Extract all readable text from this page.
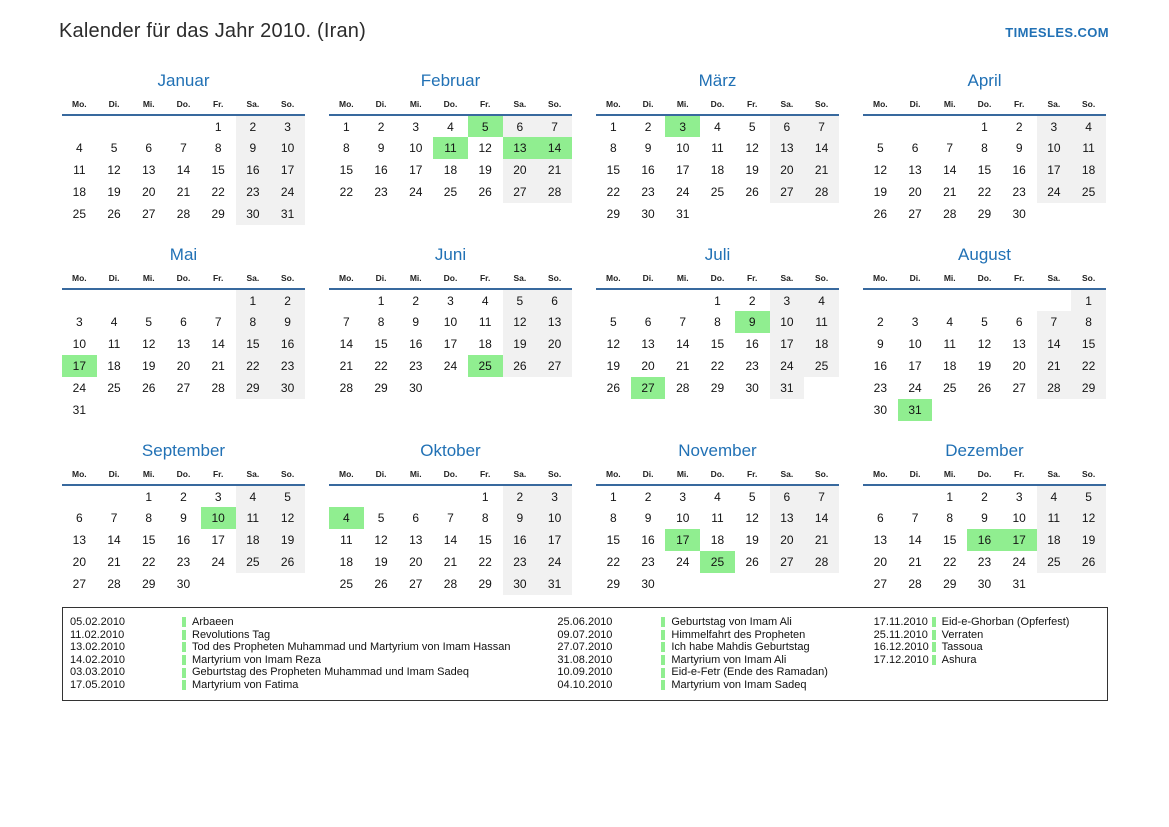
Kalender für das Jahr 2010. (Iran)	TIMESLES.COM
Januar
Mo.	Di.	Mi.	Do.	Fr.	Sa.	So.
				1	2	3
4	5	6	7	8	9	10
11	12	13	14	15	16	17
18	19	20	21	22	23	24
25	26	27	28	29	30	31
Februar
Mo.	Di.	Mi.	Do.	Fr.	Sa.	So.
1	2	3	4	5	6	7
8	9	10	11	12	13	14
15	16	17	18	19	20	21
22	23	24	25	26	27	28
März
Mo.	Di.	Mi.	Do.	Fr.	Sa.	So.
1	2	3	4	5	6	7
8	9	10	11	12	13	14
15	16	17	18	19	20	21
22	23	24	25	26	27	28
29	30	31				
April
Mo.	Di.	Mi.	Do.	Fr.	Sa.	So.
			1	2	3	4
5	6	7	8	9	10	11
12	13	14	15	16	17	18
19	20	21	22	23	24	25
26	27	28	29	30		
Mai
Mo.	Di.	Mi.	Do.	Fr.	Sa.	So.
					1	2
3	4	5	6	7	8	9
10	11	12	13	14	15	16
17	18	19	20	21	22	23
24	25	26	27	28	29	30
31						
Juni
Mo.	Di.	Mi.	Do.	Fr.	Sa.	So.
	1	2	3	4	5	6
7	8	9	10	11	12	13
14	15	16	17	18	19	20
21	22	23	24	25	26	27
28	29	30				
Juli
Mo.	Di.	Mi.	Do.	Fr.	Sa.	So.
			1	2	3	4
5	6	7	8	9	10	11
12	13	14	15	16	17	18
19	20	21	22	23	24	25
26	27	28	29	30	31	
August
Mo.	Di.	Mi.	Do.	Fr.	Sa.	So.
						1
2	3	4	5	6	7	8
9	10	11	12	13	14	15
16	17	18	19	20	21	22
23	24	25	26	27	28	29
30	31					
September
Mo.	Di.	Mi.	Do.	Fr.	Sa.	So.
		1	2	3	4	5
6	7	8	9	10	11	12
13	14	15	16	17	18	19
20	21	22	23	24	25	26
27	28	29	30			
Oktober
Mo.	Di.	Mi.	Do.	Fr.	Sa.	So.
				1	2	3
4	5	6	7	8	9	10
11	12	13	14	15	16	17
18	19	20	21	22	23	24
25	26	27	28	29	30	31
November
Mo.	Di.	Mi.	Do.	Fr.	Sa.	So.
1	2	3	4	5	6	7
8	9	10	11	12	13	14
15	16	17	18	19	20	21
22	23	24	25	26	27	28
29	30					
Dezember
Mo.	Di.	Mi.	Do.	Fr.	Sa.	So.
		1	2	3	4	5
6	7	8	9	10	11	12
13	14	15	16	17	18	19
20	21	22	23	24	25	26
27	28	29	30	31		
05.02.2010	Arbaeen
11.02.2010	Revolutions Tag
13.02.2010	Tod des Propheten Muhammad und Martyrium von Imam Hassan
14.02.2010	Martyrium von Imam Reza
03.03.2010	Geburtstag des Propheten Muhammad und Imam Sadeq
17.05.2010	Martyrium von Fatima
25.06.2010	Geburtstag von Imam Ali
09.07.2010	Himmelfahrt des Propheten
27.07.2010	Ich habe Mahdis Geburtstag
31.08.2010	Martyrium von Imam Ali
10.09.2010	Eid-e-Fetr (Ende des Ramadan)
04.10.2010	Martyrium von Imam Sadeq
17.11.2010	Eid-e-Ghorban (Opferfest)
25.11.2010	Verraten
16.12.2010 Tassoua
17.12.2010 Ashura
